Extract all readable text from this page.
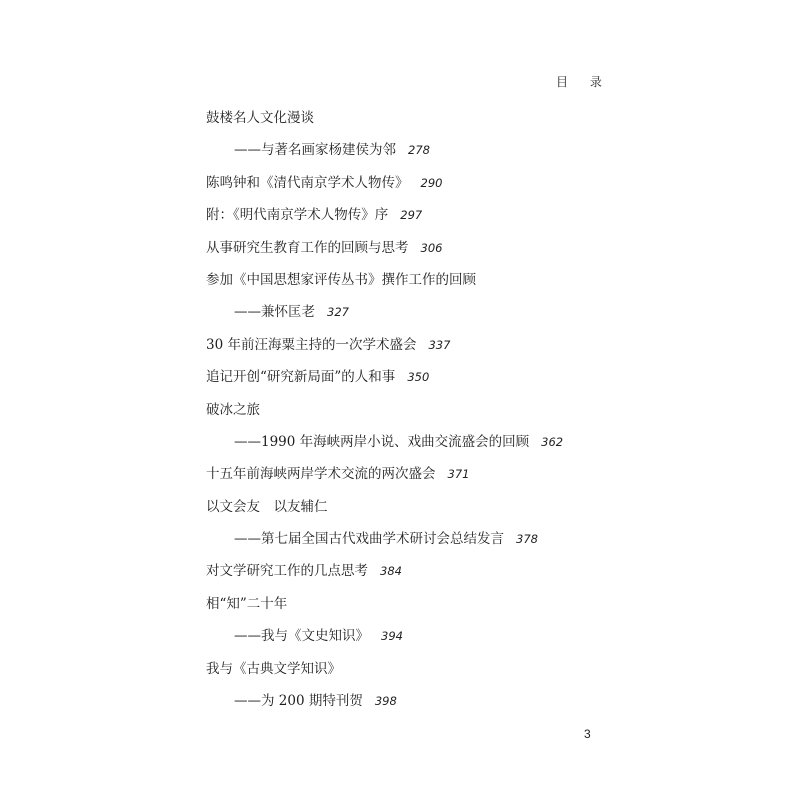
目 录
鼓楼名人文化漫谈
——与著名画家杨建侯为邻 278
陈鸣钟和《清代南京学术人物传》 290
附：《明代南京学术人物传》序 297
从事研究生教育工作的回顾与思考 306
参加《中国思想家评传丛书》撰作工作的回顾
——兼怀匡老 327
30 年前汪海粟主持的一次学术盛会 337
追记开创“研究新局面”的人和事 350
破冰之旅
——1990 年海峡两岸小说、戏曲交流盛会的回顾 362
十五年前海峡两岸学术交流的两次盛会 371
以文会友　以友辅仁
——第七届全国古代戏曲学术研讨会总结发言 378
对文学研究工作的几点思考 384
相“知”二十年
——我与《文史知识》 394
我与《古典文学知识》
——为 200 期特刊贺 398
3
